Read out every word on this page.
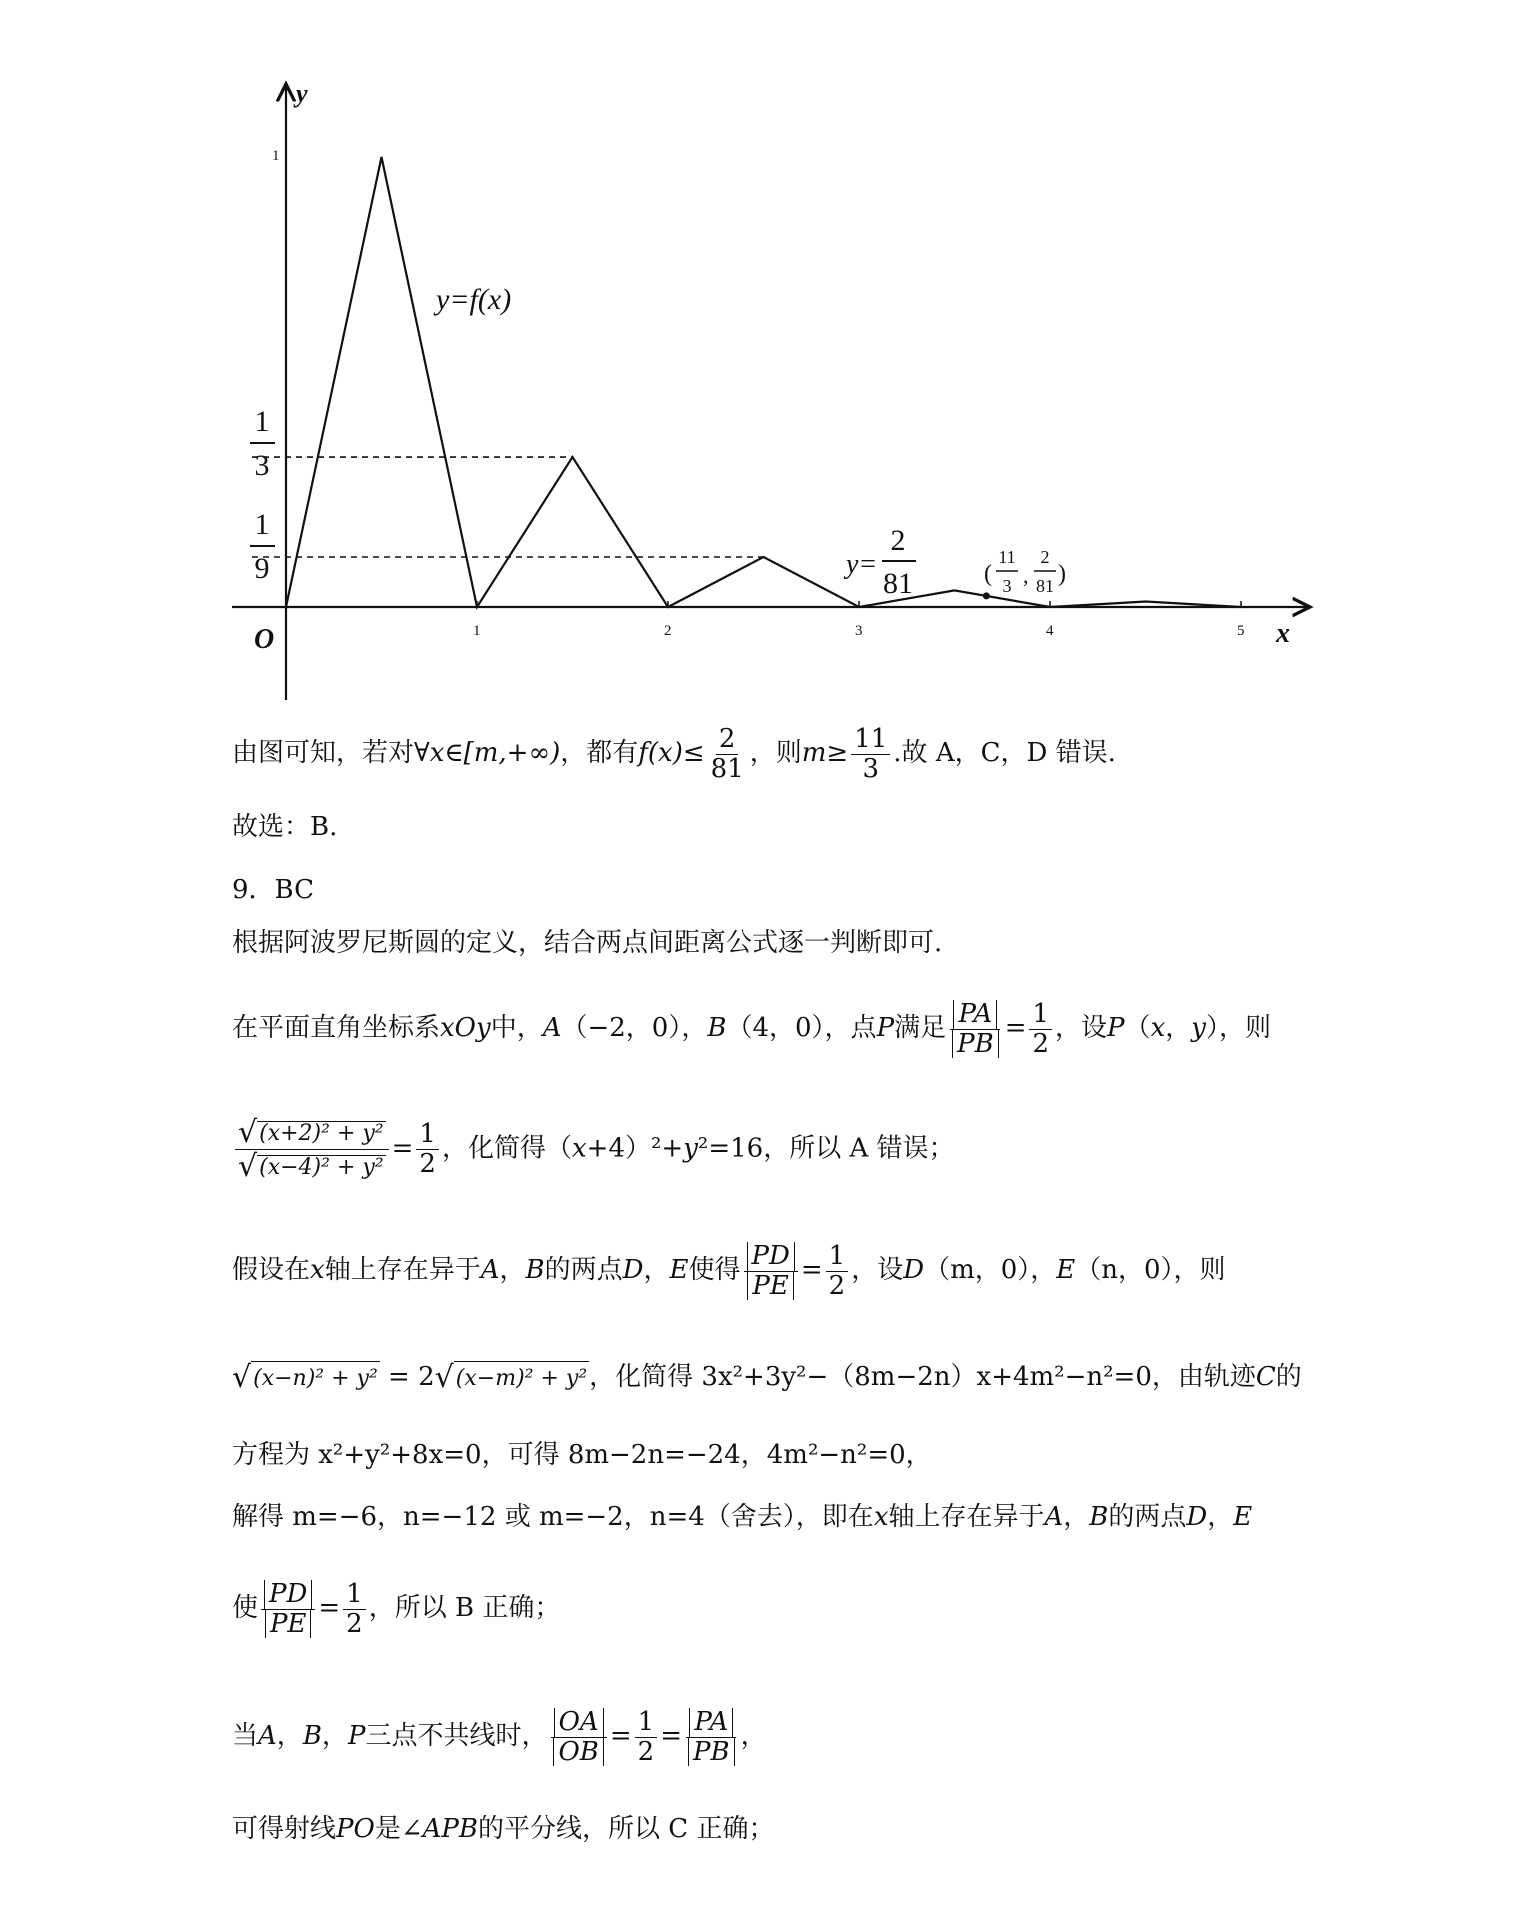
1	2	3	4	5
y
x
O
1
1
3
1
9
y=f(x)
y=
2
81	(
11
3 ,
2
81 )
由图可知，若对∀x∈[m,+∞)，都有$f(x)\le \frac{2}{81}$ ，则$m\ge \frac{11}{3}$ .故 A，C，D 错误.
故选：B.
9．BC
根据阿波罗尼斯圆的定义，结合两点间距离公式逐一判断即可.
在平面直角坐标系xOy中，A（−2，0），B（4，0），点P满足 $\frac{PA}{PB} = \frac{1}{2}$ ，设P（x，y），则
$\frac{\text{√(x+2)² + y²}}{\text{√(x−4)² + y²}} = \frac{1}{2}$ ，化简得（x+4）²+y²=16，所以 A 错误；
假设在x轴上存在异于A，B的两点D，E使得 $\frac{PD}{PE} = \frac{1}{2}$ ，设D（m，0），E（n，0），则
√(x−n)² + y² = 2√(x−m)² + y²，化简得 3x²+3y²−（8m−2n）x+4m²−n²=0，由轨迹C的
方程为 x²+y²+8x=0，可得 8m−2n=−24，4m²−n²=0，
解得 m=−6，n=−12 或 m=−2，n=4（舍去），即在x轴上存在异于A，B的两点D，E
使 $\frac{PD}{PE} = \frac{1}{2}$ ，所以 B 正确；
当A，B，P三点不共线时， $\frac{OA}{OB} = \frac{1}{2} = \frac{PA}{PB}$ ，
可得射线PO是∠APB的平分线，所以 C 正确；
